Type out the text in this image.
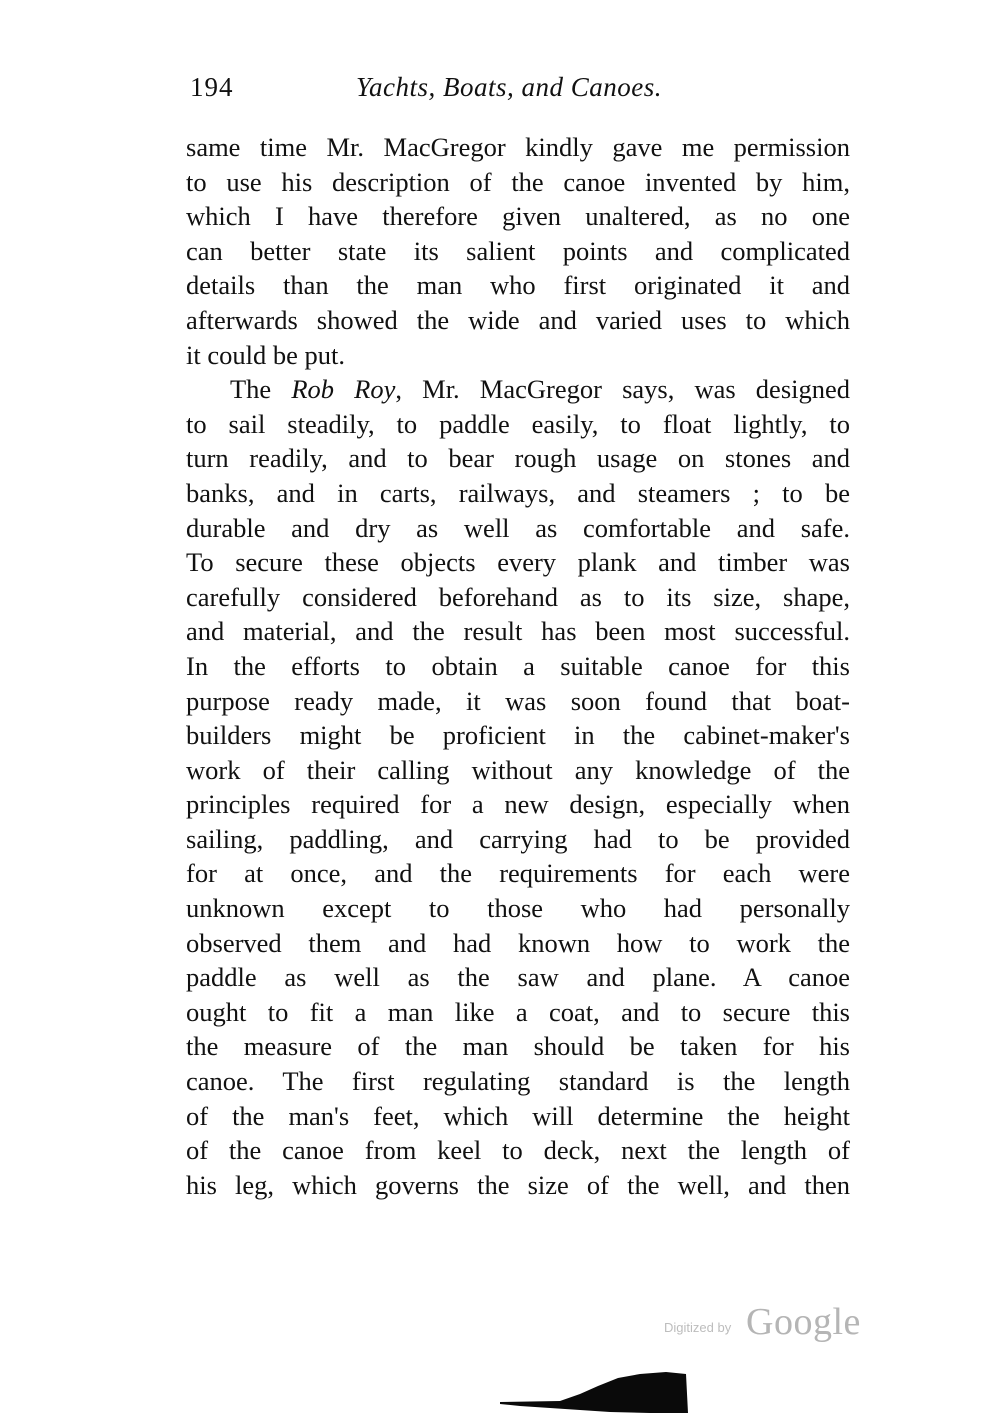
194	Yachts, Boats, and Canoes.
same time Mr. MacGregor kindly gave me permission
to use his description of the canoe invented by him,
which I have therefore given unaltered, as no one
can better state its salient points and complicated
details than the man who first originated it and
afterwards showed the wide and varied uses to which
it could be put.
The Rob Roy, Mr. MacGregor says, was designed
to sail steadily, to paddle easily, to float lightly, to
turn readily, and to bear rough usage on stones and
banks, and in carts, railways, and steamers ; to be
durable and dry as well as comfortable and safe.
To secure these objects every plank and timber was
carefully considered beforehand as to its size, shape,
and material, and the result has been most successful.
In the efforts to obtain a suitable canoe for this
purpose ready made, it was soon found that boat-
builders might be proficient in the cabinet-maker's
work of their calling without any knowledge of the
principles required for a new design, especially when
sailing, paddling, and carrying had to be provided
for at once, and the requirements for each were
unknown except to those who had personally
observed them and had known how to work the
paddle as well as the saw and plane. A canoe
ought to fit a man like a coat, and to secure this
the measure of the man should be taken for his
canoe. The first regulating standard is the length
of the man's feet, which will determine the height
of the canoe from keel to deck, next the length of
his leg, which governs the size of the well, and then
Digitized by Google
